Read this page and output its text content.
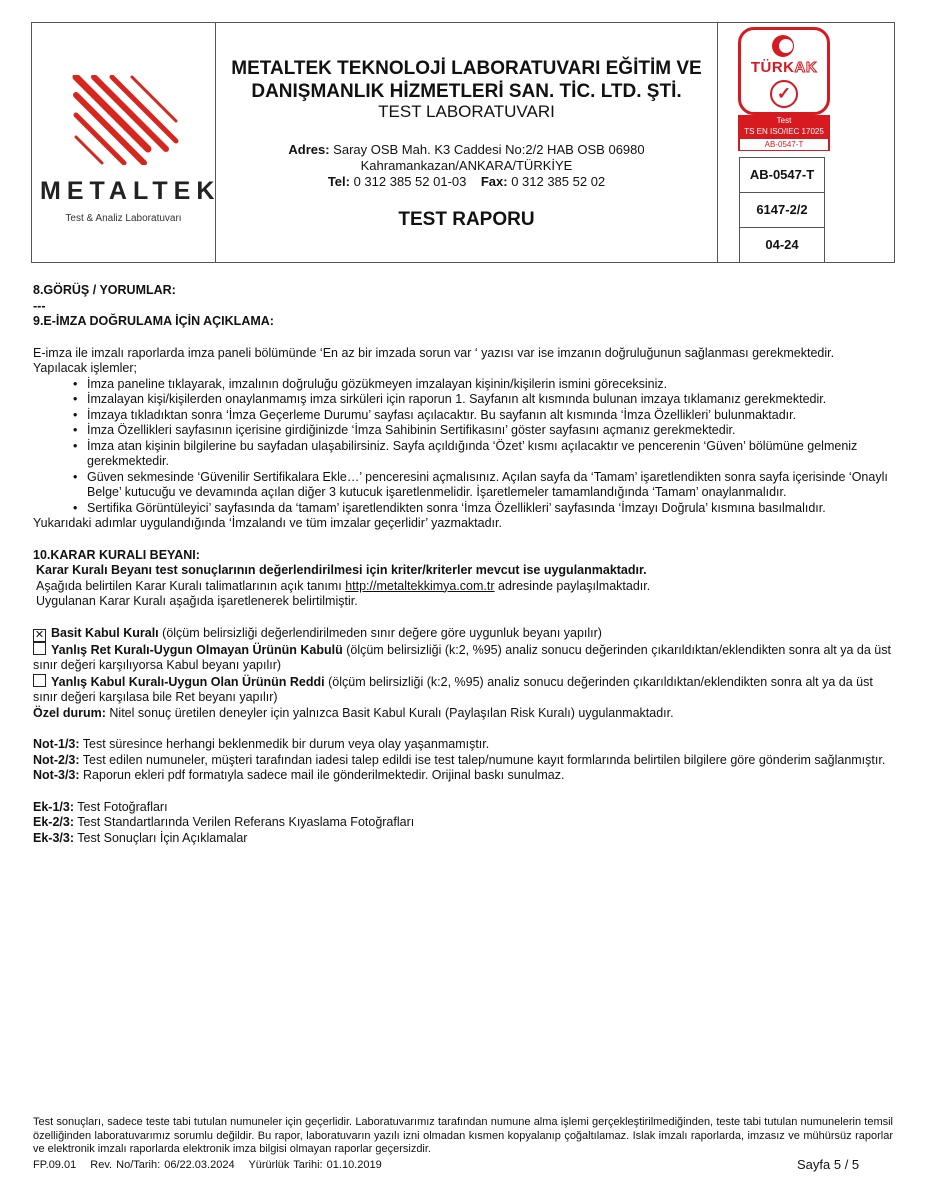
METALTEK
Test & Analiz Laboratuvarı
METALTEK TEKNOLOJİ LABORATUVARI EĞİTİM VE DANIŞMANLIK HİZMETLERİ SAN. TİC. LTD. ŞTİ.
TEST LABORATUVARI
Adres: Saray OSB Mah. K3 Caddesi No:2/2 HAB OSB 06980
Kahramankazan/ANKARA/TÜRKİYE
Tel: 0 312 385 52 01-03 Fax: 0 312 385 52 02
TEST RAPORU
TÜRKAK
✓
Test
TS EN ISO/IEC 17025
AB-0547-T
AB-0547-T
6147-2/2
04-24
8.GÖRÜŞ / YORUMLAR:
---
9.E-İMZA DOĞRULAMA İÇİN AÇIKLAMA:
E-imza ile imzalı raporlarda imza paneli bölümünde ‘En az bir imzada sorun var ‘ yazısı var ise imzanın doğruluğunun sağlanması gerekmektedir.
Yapılacak işlemler;
• İmza paneline tıklayarak, imzalının doğruluğu gözükmeyen imzalayan kişinin/kişilerin ismini göreceksiniz.
• İmzalayan kişi/kişilerden onaylanmamış imza sirküleri için raporun 1. Sayfanın alt kısmında bulunan imzaya tıklamanız gerekmektedir.
• İmzaya tıkladıktan sonra ‘İmza Geçerleme Durumu’ sayfası açılacaktır. Bu sayfanın alt kısmında ‘İmza Özellikleri’ bulunmaktadır.
• İmza Özellikleri sayfasının içerisine girdiğinizde ‘İmza Sahibinin Sertifikasını’ göster sayfasını açmanız gerekmektedir.
• İmza atan kişinin bilgilerine bu sayfadan ulaşabilirsiniz. Sayfa açıldığında ‘Özet’ kısmı açılacaktır ve pencerenin ‘Güven’ bölümüne gelmeniz gerekmektedir.
• Güven sekmesinde ‘Güvenilir Sertifikalara Ekle…’ penceresini açmalısınız. Açılan sayfa da ‘Tamam’ işaretlendikten sonra sayfa içerisinde ‘Onaylı Belge’ kutucuğu ve devamında açılan diğer 3 kutucuk işaretlenmelidir. İşaretlemeler tamamlandığında ‘Tamam’ onaylanmalıdır.
• Sertifika Görüntüleyici’ sayfasında da ‘tamam’ işaretlendikten sonra ‘İmza Özellikleri’ sayfasında ‘İmzayı Doğrula’ kısmına basılmalıdır.
Yukarıdaki adımlar uygulandığında ‘İmzalandı ve tüm imzalar geçerlidir’ yazmaktadır.
10.KARAR KURALI BEYANI:
Karar Kuralı Beyanı test sonuçlarının değerlendirilmesi için kriter/kriterler mevcut ise uygulanmaktadır.
Aşağıda belirtilen Karar Kuralı talimatlarının açık tanımı http://metaltekkimya.com.tr adresinde paylaşılmaktadır.
Uygulanan Karar Kuralı aşağıda işaretlenerek belirtilmiştir.
✕ Basit Kabul Kuralı (ölçüm belirsizliği değerlendirilmeden sınır değere göre uygunluk beyanı yapılır)
Yanlış Ret Kuralı-Uygun Olmayan Ürünün Kabulü (ölçüm belirsizliği (k:2, %95) analiz sonucu değerinden çıkarıldıktan/eklendikten sonra alt ya da üst sınır değeri karşılıyorsa Kabul beyanı yapılır)
Yanlış Kabul Kuralı-Uygun Olan Ürünün Reddi (ölçüm belirsizliği (k:2, %95) analiz sonucu değerinden çıkarıldıktan/eklendikten sonra alt ya da üst sınır değeri karşılasa bile Ret beyanı yapılır)
Özel durum: Nitel sonuç üretilen deneyler için yalnızca Basit Kabul Kuralı (Paylaşılan Risk Kuralı) uygulanmaktadır.
Not-1/3: Test süresince herhangi beklenmedik bir durum veya olay yaşanmamıştır.
Not-2/3: Test edilen numuneler, müşteri tarafından iadesi talep edildi ise test talep/numune kayıt formlarında belirtilen bilgilere göre gönderim sağlanmıştır.
Not-3/3: Raporun ekleri pdf formatıyla sadece mail ile gönderilmektedir. Orijinal baskı sunulmaz.
Ek-1/3: Test Fotoğrafları
Ek-2/3: Test Standartlarında Verilen Referans Kıyaslama Fotoğrafları
Ek-3/3: Test Sonuçları İçin Açıklamalar
Test sonuçları, sadece teste tabi tutulan numuneler için geçerlidir. Laboratuvarımız tarafından numune alma işlemi gerçekleştirilmediğinden, teste tabi tutulan numunelerin temsil özelliğinden laboratuvarımız sorumlu değildir. Bu rapor, laboratuvarın yazılı izni olmadan kısmen kopyalanıp çoğaltılamaz. Islak imzalı raporlarda, imzasız ve mühürsüz raporlar ve elektronik imzalı raporlarda elektronik imza bilgisi olmayan raporlar geçersizdir.
FP.09.01 Rev. No/Tarih: 06/22.03.2024 Yürürlük Tarihi: 01.10.2019	Sayfa 5 / 5
